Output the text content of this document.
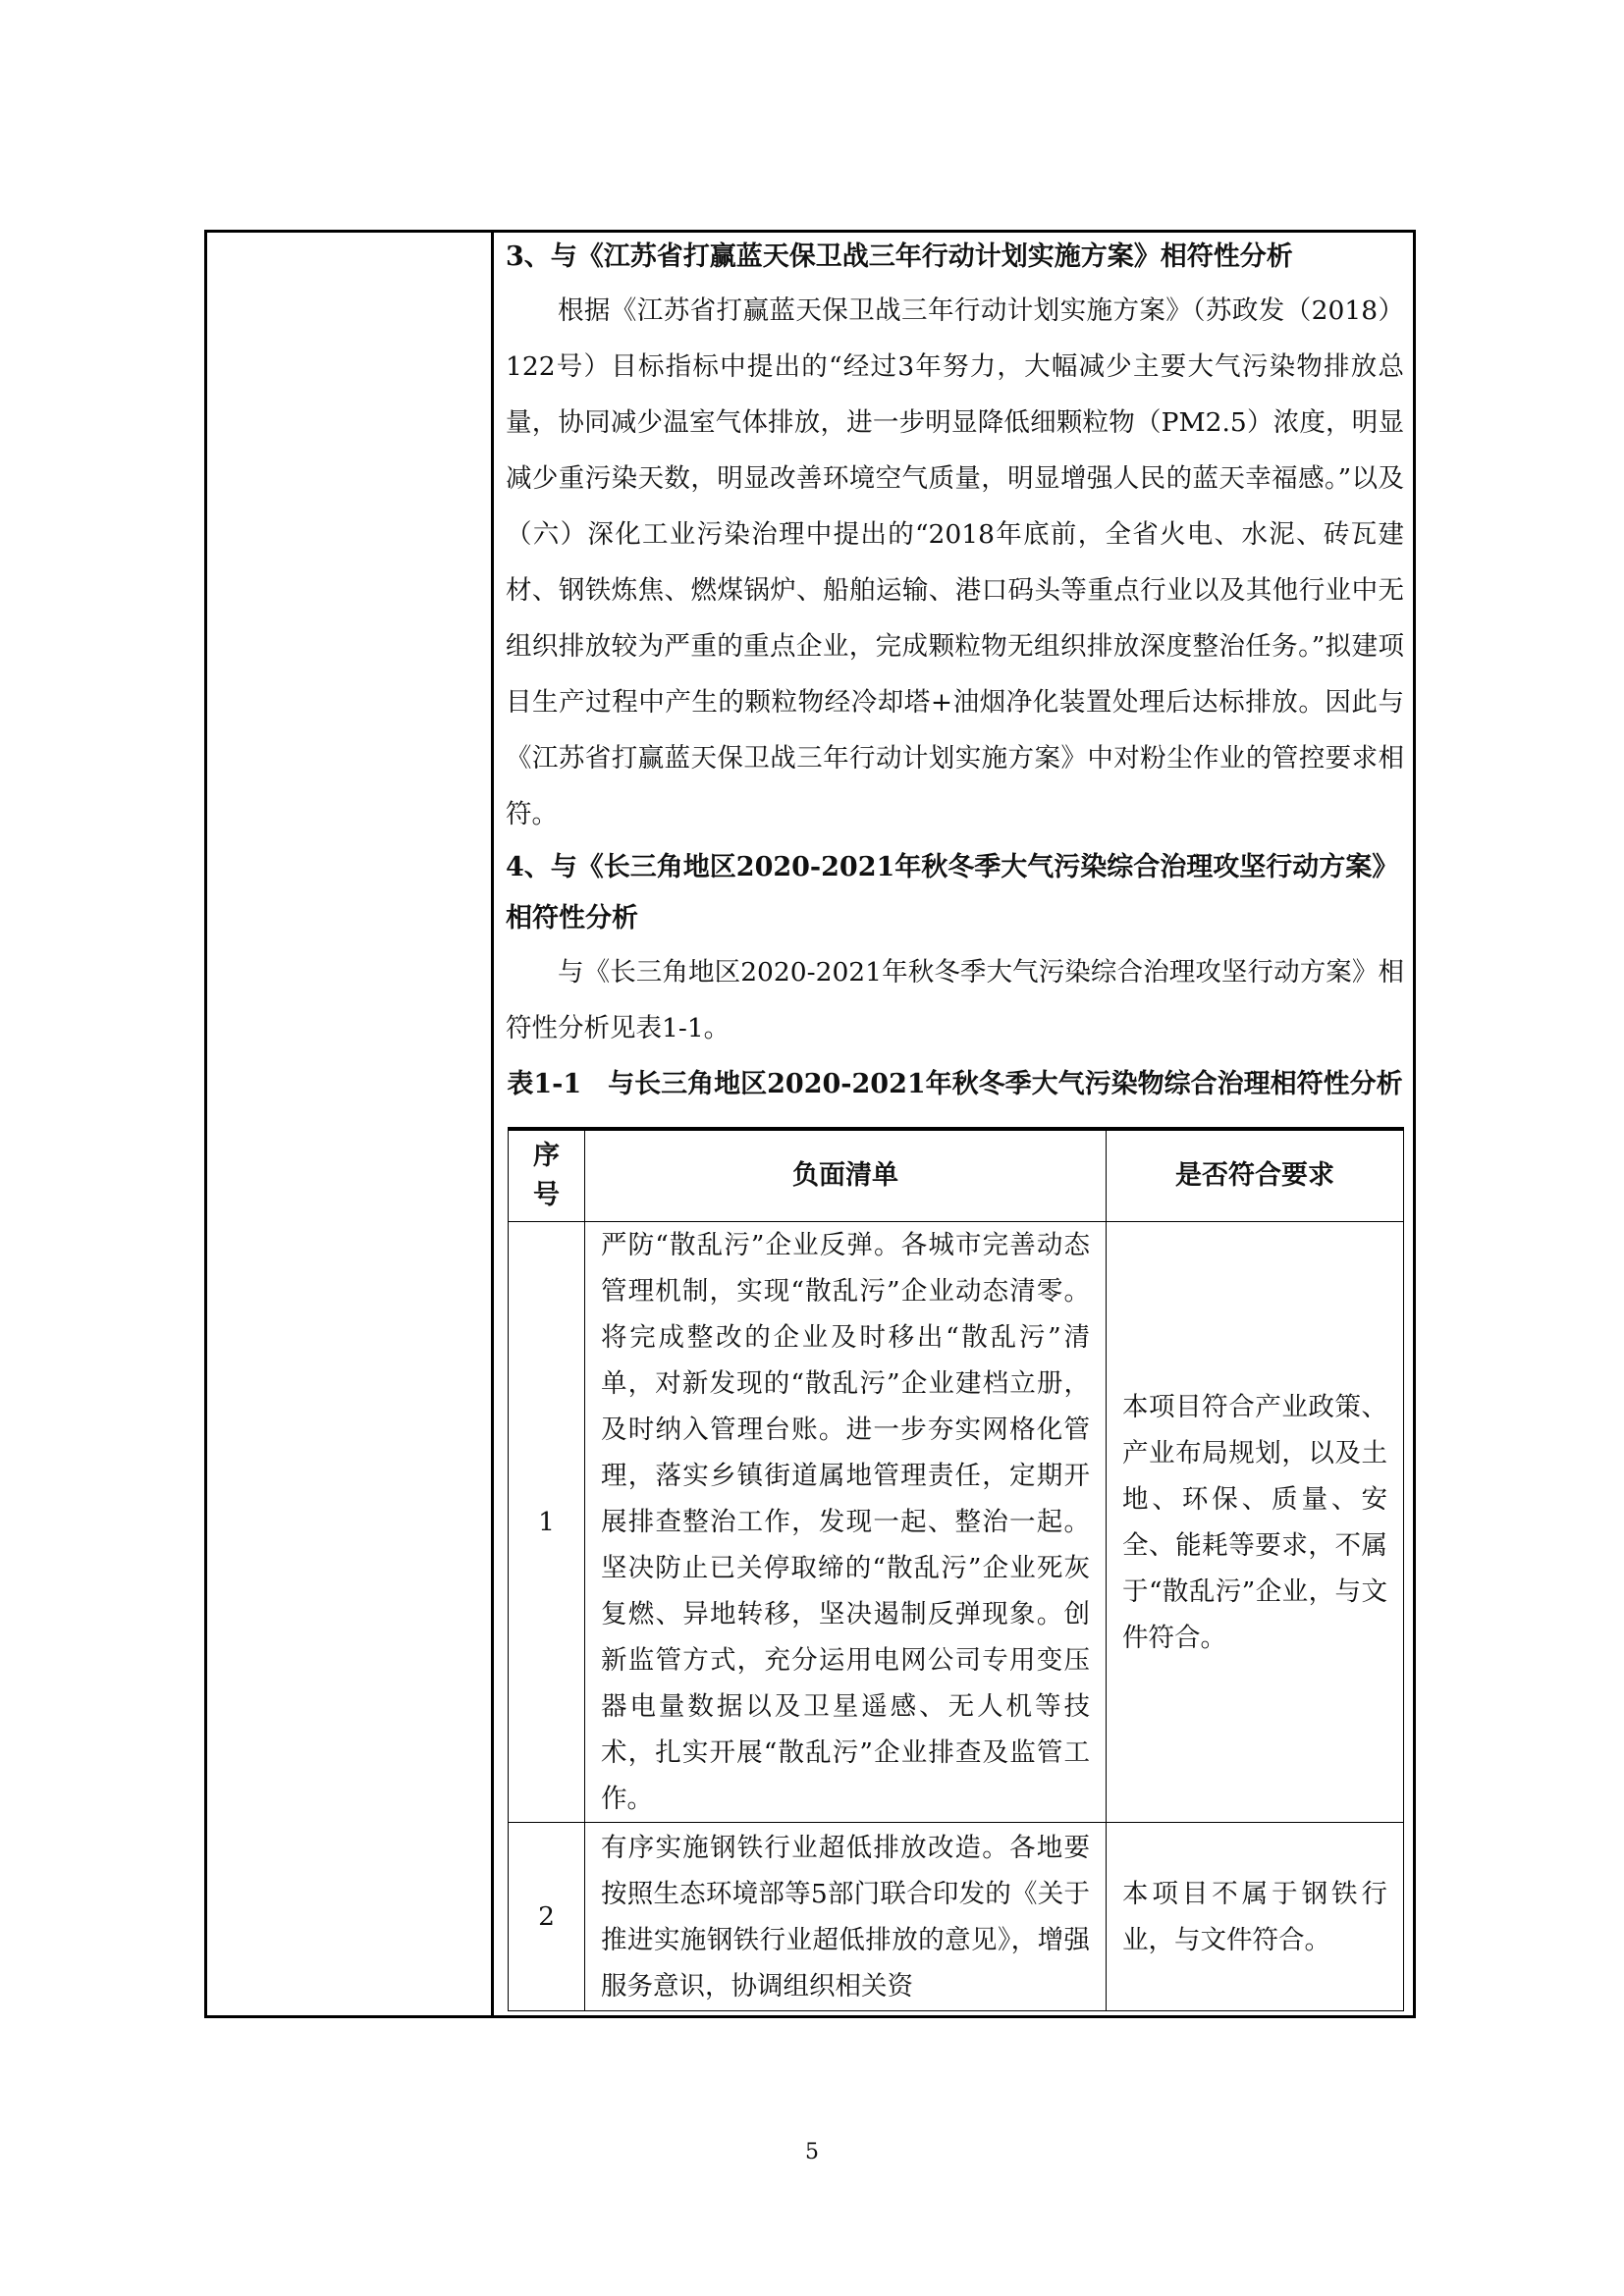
3、与《江苏省打赢蓝天保卫战三年行动计划实施方案》相符性分析
根据《江苏省打赢蓝天保卫战三年行动计划实施方案》（苏政发（2018）122号）目标指标中提出的“经过3年努力，大幅减少主要大气污染物排放总量，协同减少温室气体排放，进一步明显降低细颗粒物（PM2.5）浓度，明显减少重污染天数，明显改善环境空气质量，明显增强人民的蓝天幸福感。”以及（六）深化工业污染治理中提出的“2018年底前，全省火电、水泥、砖瓦建材、钢铁炼焦、燃煤锅炉、船舶运输、港口码头等重点行业以及其他行业中无组织排放较为严重的重点企业，完成颗粒物无组织排放深度整治任务。”拟建项目生产过程中产生的颗粒物经冷却塔+油烟净化装置处理后达标排放。因此与《江苏省打赢蓝天保卫战三年行动计划实施方案》中对粉尘作业的管控要求相符。
4、与《长三角地区2020-2021年秋冬季大气污染综合治理攻坚行动方案》相符性分析
与《长三角地区2020-2021年秋冬季大气污染综合治理攻坚行动方案》相符性分析见表1-1。
表1-1　与长三角地区2020-2021年秋冬季大气污染物综合治理相符性分析
序号	负面清单	是否符合要求
1	严防“散乱污”企业反弹。各城市完善动态管理机制，实现“散乱污”企业动态清零。将完成整改的企业及时移出“散乱污”清单，对新发现的“散乱污”企业建档立册，及时纳入管理台账。进一步夯实网格化管理，落实乡镇街道属地管理责任，定期开展排查整治工作，发现一起、整治一起。坚决防止已关停取缔的“散乱污”企业死灰复燃、异地转移，坚决遏制反弹现象。创新监管方式，充分运用电网公司专用变压器电量数据以及卫星遥感、无人机等技术，扎实开展“散乱污”企业排查及监管工作。	本项目符合产业政策、产业布局规划，以及土地、环保、质量、安全、能耗等要求，不属于“散乱污”企业，与文件符合。
2	有序实施钢铁行业超低排放改造。各地要按照生态环境部等5部门联合印发的《关于推进实施钢铁行业超低排放的意见》，增强服务意识，协调组织相关资	本项目不属于钢铁行业，与文件符合。
5
